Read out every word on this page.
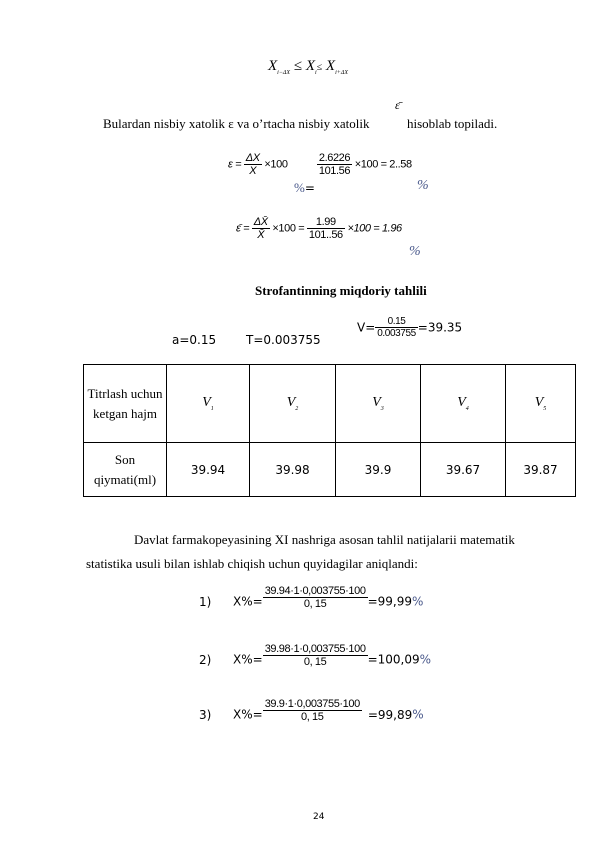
$X_{i-\Delta X} \le X_i\le X_{i+\Delta X}$
Bulardan nisbiy xatolik ε va o’rtacha nisbiy xatolik
ε̄
hisoblab topiladi.
$\varepsilon = \frac{\Delta X}{X} \times 100$	$\frac{2.6226}{101.56} \times 100 = 2..58$
%=	%
ε̄ = $\frac{\Delta X̄}{X̄} \times 100 = \frac{1.99}{101..56} \times 100 = 1.96$
%
Strofantinning miqdoriy tahlili
a=0.15 T=0.003755
$V= \frac{0.15}{0.003755} =39.35$
Titrlash uchun ketgan hajm	$V_1$	$V_2$	$V_3$	$V_4$	$V_5$
Son qiymati(ml)	39.94	39.98	39.9	39.67	39.87
Davlat farmakopeyasining XI nashriga asosan tahlil natijalarii matematik
statistika usuli bilan ishlab chiqish uchun quyidagilar aniqlandi:
1) $X\%= \frac{39.94\cdot 1\cdot 0,003755\cdot 100}{0, 15} =99,99\%$
2) $X\%= \frac{39.98\cdot 1\cdot 0,003755\cdot 100}{0, 15} =100,09\%$
3) $X\%= \frac{39.9\cdot 1\cdot 0,003755\cdot 100}{0, 15} =99,89\%$
24
